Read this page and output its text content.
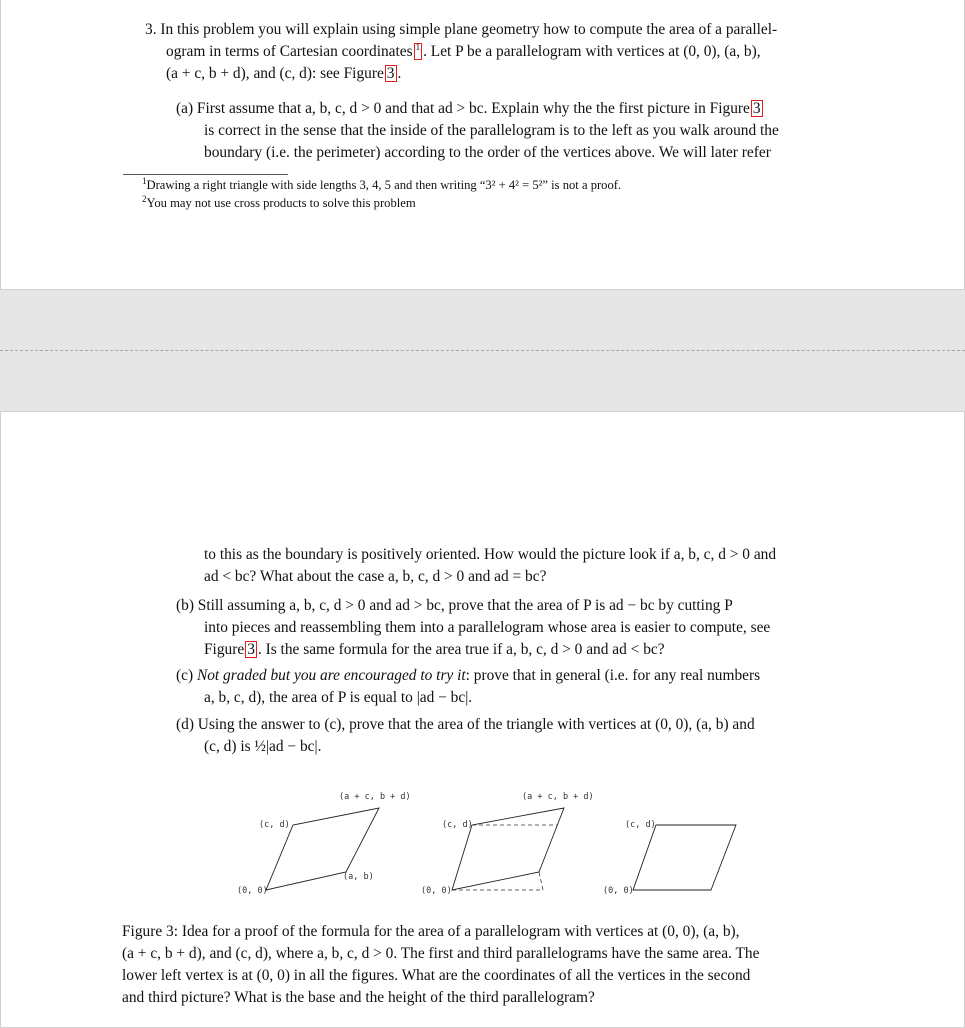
3. In this problem you will explain using simple plane geometry how to compute the area of a parallel-
ogram in terms of Cartesian coordinates $^1$ . Let P be a parallelogram with vertices at (0, 0), (a, b),
(a + c, b + d), and (c, d): see Figure 3 .
(a) First assume that a, b, c, d > 0 and that ad > bc. Explain why the the first picture in Figure 3
is correct in the sense that the inside of the parallelogram is to the left as you walk around the
boundary (i.e. the perimeter) according to the order of the vertices above. We will later refer
$^1$Drawing a right triangle with side lengths 3, 4, 5 and then writing “3² + 4² = 5²” is not a proof.
$^2$You may not use cross products to solve this problem
to this as the boundary is positively oriented. How would the picture look if a, b, c, d > 0 and
ad < bc? What about the case a, b, c, d > 0 and ad = bc?
(b) Still assuming a, b, c, d > 0 and ad > bc, prove that the area of P is ad − bc by cutting P
into pieces and reassembling them into a parallelogram whose area is easier to compute, see
Figure 3 . Is the same formula for the area true if a, b, c, d > 0 and ad < bc?
(c) Not graded but you are encouraged to try it: prove that in general (i.e. for any real numbers
a, b, c, d), the area of P is equal to |ad − bc|.
(d) Using the answer to (c), prove that the area of the triangle with vertices at (0, 0), (a, b) and
(c, d) is ½|ad − bc|.
(0, 0)
(a, b)
(c, d)
(a + c, b + d)
(0, 0)
(c, d)
(a + c, b + d)
(0, 0)
(c, d)
Figure 3: Idea for a proof of the formula for the area of a parallelogram with vertices at (0, 0), (a, b),
(a + c, b + d), and (c, d), where a, b, c, d > 0. The first and third parallelograms have the same area. The
lower left vertex is at (0, 0) in all the figures. What are the coordinates of all the vertices in the second
and third picture? What is the base and the height of the third parallelogram?
